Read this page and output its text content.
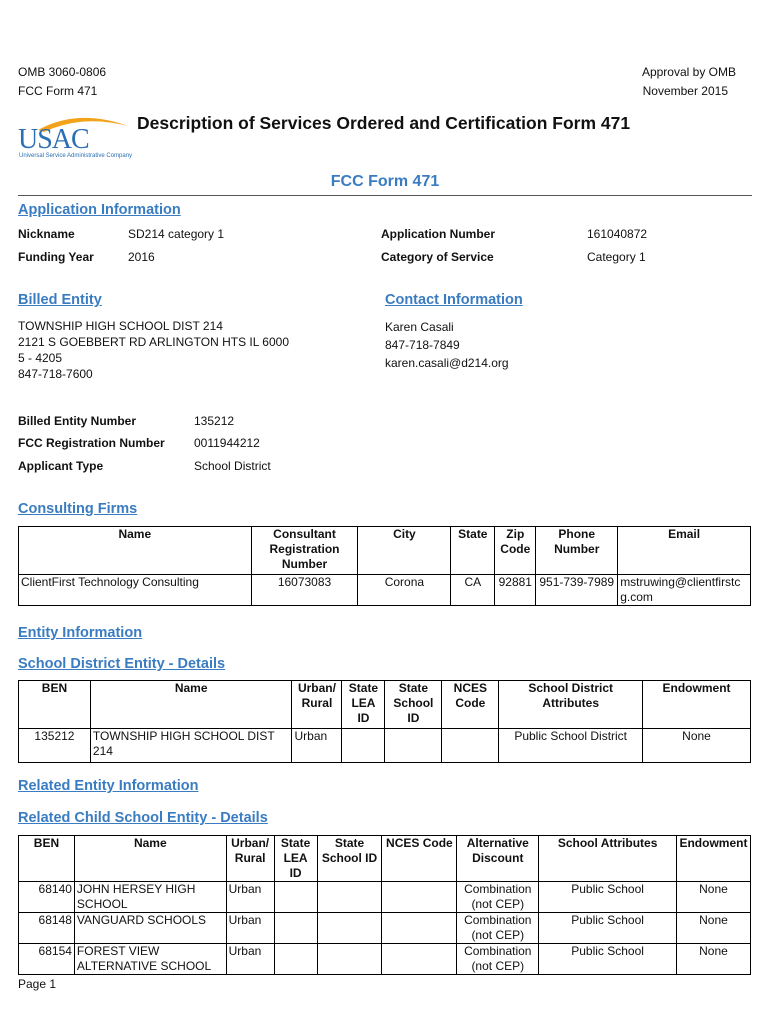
OMB 3060-0806
FCC Form 471
Approval by OMB
November 2015
USAC
Universal Service Administrative Company
Description of Services Ordered and Certification Form 471
FCC Form 471
Application Information
Nickname	SD214 category 1
Funding Year	2016
Application Number	161040872
Category of Service	Category 1
Billed Entity
TOWNSHIP HIGH SCHOOL DIST 214
2121 S GOEBBERT RD ARLINGTON HTS IL 6000
5 - 4205
847-718-7600
Contact Information
Karen Casali
847-718-7849
karen.casali@d214.org
Billed Entity Number	135212
FCC Registration Number 0011944212
Applicant Type	School District
Consulting Firms
Name	Consultant Registration Number	City	State	Zip Code	Phone Number	Email
ClientFirst Technology Consulting	16073083	Corona	CA	92881	951-739-7989	mstruwing@clientfirstcg.com
Entity Information
School District Entity - Details
BEN	Name	Urban/ Rural	State LEA ID	State School ID	NCES Code	School District Attributes	Endowment
135212	TOWNSHIP HIGH SCHOOL DIST 214	Urban				Public School District	None
Related Entity Information
Related Child School Entity - Details
BEN	Name	Urban/ Rural	State LEA ID	State School ID	NCES Code	Alternative Discount	School Attributes	Endowment
68140	JOHN HERSEY HIGH SCHOOL	Urban				Combination (not CEP)	Public School	None
68148	VANGUARD SCHOOLS	Urban				Combination (not CEP)	Public School	None
68154	FOREST VIEW ALTERNATIVE SCHOOL	Urban				Combination (not CEP)	Public School	None
Page 1
